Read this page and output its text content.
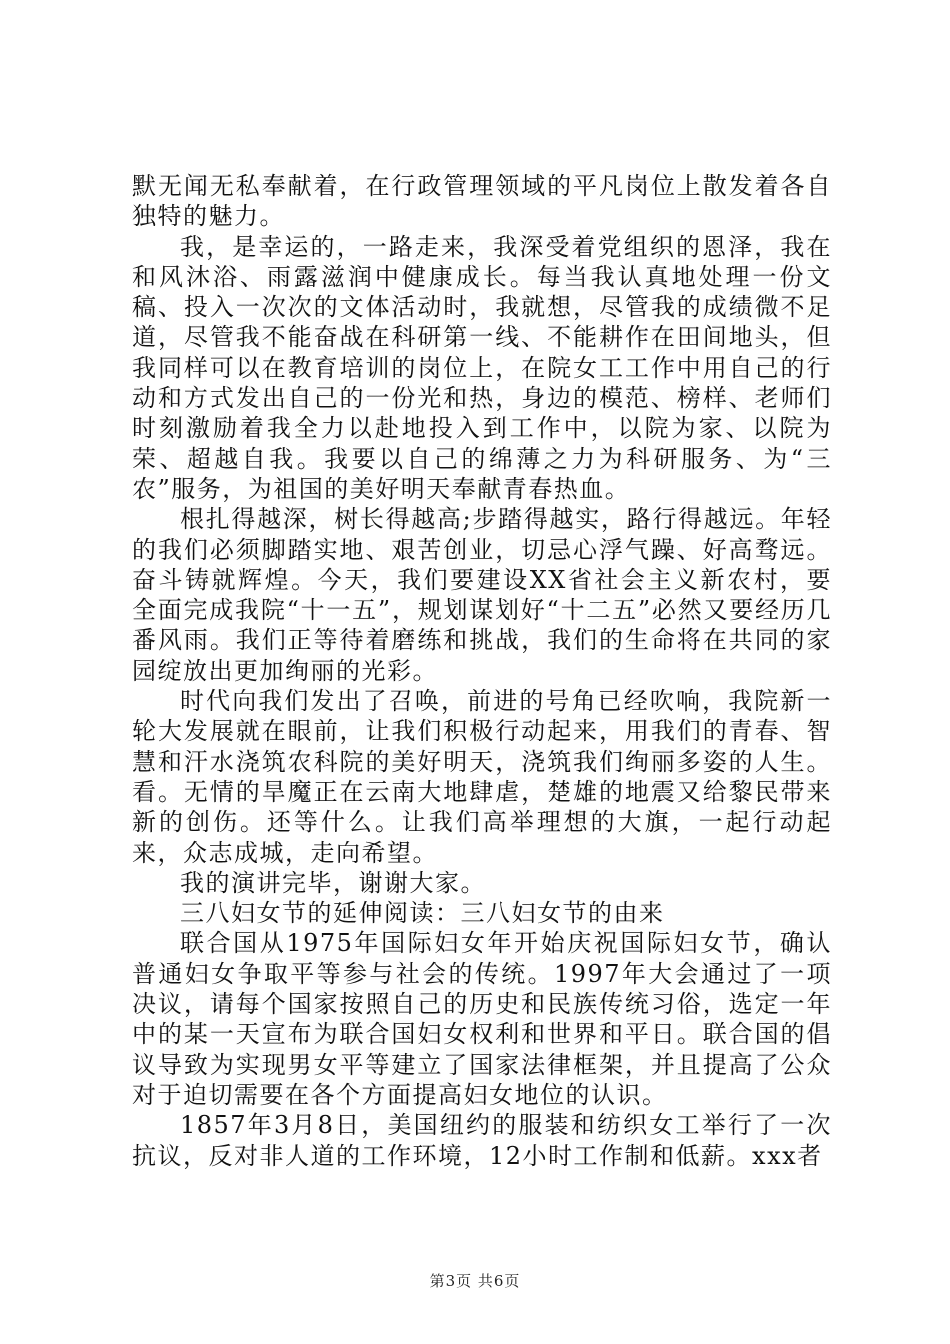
默无闻无私奉献着，在行政管理领域的平凡岗位上散发着各自独特的魅力。

我，是幸运的，一路走来，我深受着党组织的恩泽，我在和风沐浴、雨露滋润中健康成长。每当我认真地处理一份文稿、投入一次次的文体活动时，我就想，尽管我的成绩微不足道，尽管我不能奋战在科研第一线、不能耕作在田间地头，但我同样可以在教育培训的岗位上，在院女工工作中用自己的行动和方式发出自己的一份光和热，身边的模范、榜样、老师们时刻激励着我全力以赴地投入到工作中，以院为家、以院为荣、超越自我。我要以自己的绵薄之力为科研服务、为“三农”服务，为祖国的美好明天奉献青春热血。

根扎得越深，树长得越高;步踏得越实，路行得越远。年轻的我们必须脚踏实地、艰苦创业，切忌心浮气躁、好高骛远。奋斗铸就辉煌。今天，我们要建设XX省社会主义新农村，要全面完成我院“十一五”，规划谋划好“十二五”必然又要经历几番风雨。我们正等待着磨练和挑战，我们的生命将在共同的家园绽放出更加绚丽的光彩。

时代向我们发出了召唤，前进的号角已经吹响，我院新一轮大发展就在眼前，让我们积极行动起来，用我们的青春、智慧和汗水浇筑农科院的美好明天，浇筑我们绚丽多姿的人生。看。无情的旱魔正在云南大地肆虐，楚雄的地震又给黎民带来新的创伤。还等什么。让我们高举理想的大旗，一起行动起来，众志成城，走向希望。

我的演讲完毕，谢谢大家。

三八妇女节的延伸阅读：三八妇女节的由来

联合国从1975年国际妇女年开始庆祝国际妇女节，确认普通妇女争取平等参与社会的传统。1997年大会通过了一项决议，请每个国家按照自己的历史和民族传统习俗，选定一年中的某一天宣布为联合国妇女权利和世界和平日。联合国的倡议导致为实现男女平等建立了国家法律框架，并且提高了公众对于迫切需要在各个方面提高妇女地位的认识。

1857年3月8日，美国纽约的服装和纺织女工举行了一次抗议，反对非人道的工作环境，12小时工作制和低薪。xxx者

第3页 共6页
